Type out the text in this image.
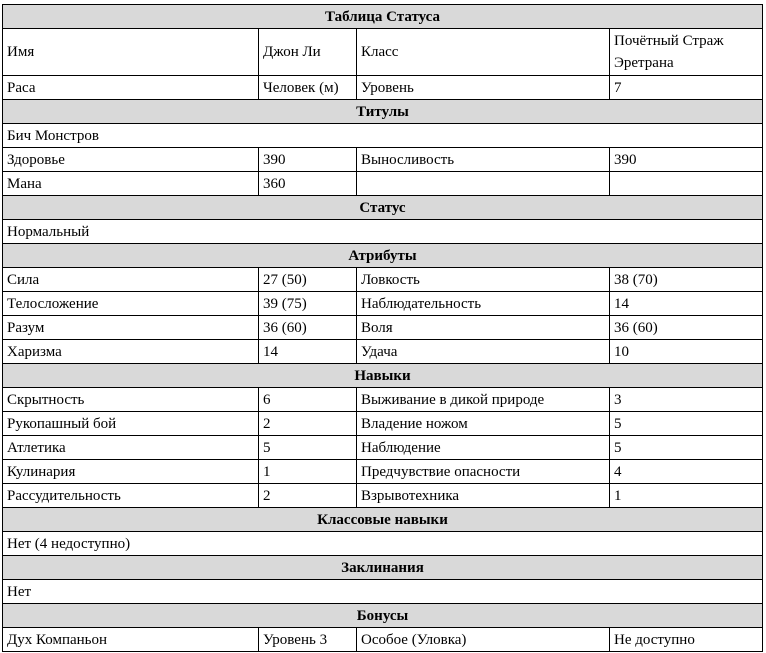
Таблица Статуса			
Имя	Джон Ли	Класс	Почётный Страж Эретрана
Раса	Человек (м)	Уровень	7
Титулы			
Бич Монстров			
Здоровье	390	Выносливость	390
Мана	360		
Статус			
Нормальный			
Атрибуты			
Сила	27 (50)	Ловкость	38 (70)
Телосложение	39 (75)	Наблюдательность	14
Разум	36 (60)	Воля	36 (60)
Харизма	14	Удача	10
Навыки			
Скрытность	6	Выживание в дикой природе	3
Рукопашный бой	2	Владение ножом	5
Атлетика	5	Наблюдение	5
Кулинария	1	Предчувствие опасности	4
Рассудительность	2	Взрывотехника	1
Классовые навыки			
Нет (4 недоступно)			
Заклинания			
Нет			
Бонусы			
Дух Компаньон	Уровень 3	Особое (Уловка)	Не доступно
